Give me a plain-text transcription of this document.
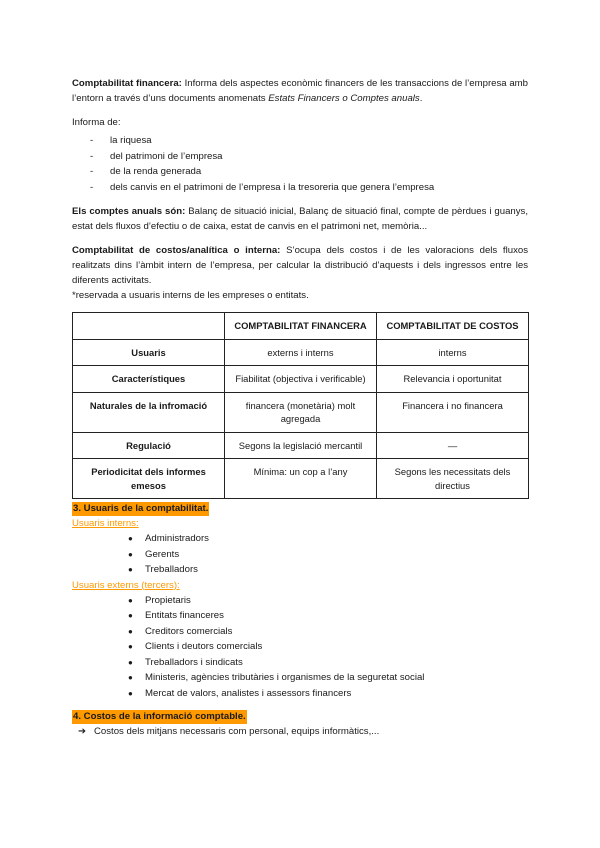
Comptabilitat financera: Informa dels aspectes econòmic financers de les transaccions de l’empresa amb l’entorn a través d’uns documents anomenats Estats Financers o Comptes anuals.

Informa de:

- la riquesa
- del patrimoni de l’empresa
- de la renda generada
- dels canvis en el patrimoni de l’empresa i la tresoreria que genera l’empresa

Els comptes anuals són: Balanç de situació inicial, Balanç de situació final, compte de pèrdues i guanys, estat dels fluxos d’efectiu o de caixa, estat de canvis en el patrimoni net, memòria...

Comptabilitat de costos/analítica o interna: S’ocupa dels costos i de les valoracions dels fluxos realitzats dins l’àmbit intern de l’empresa, per calcular la distribució d’aquests i dels ingressos entre les diferents activitats.

*reservada a usuaris interns de les empreses o entitats.

	COMPTABILITAT FINANCERA	COMPTABILITAT DE COSTOS
Usuaris	externs i interns	interns
Característiques	Fiabilitat (objectiva i verificable)	Relevancia i oportunitat
Naturales de la infromació	financera (monetària) molt agregada	Financera i no financera
Regulació	Segons la legislació mercantil	—
Periodicitat dels informes emesos	Mínima: un cop a l’any	Segons les necessitats dels directius
3. Usuaris de la comptabilitat.

Usuaris interns:

● Administradors
● Gerents
● Treballadors

Usuaris externs (tercers):

● Propietaris
● Entitats financeres
● Creditors comercials
● Clients i deutors comercials
● Treballadors i sindicats
● Ministeris, agències tributàries i organismes de la seguretat social
● Mercat de valors, analistes i assessors financers
4. Costos de la informació comptable.

➔ Costos dels mitjans necessaris com personal, equips informàtics,...
